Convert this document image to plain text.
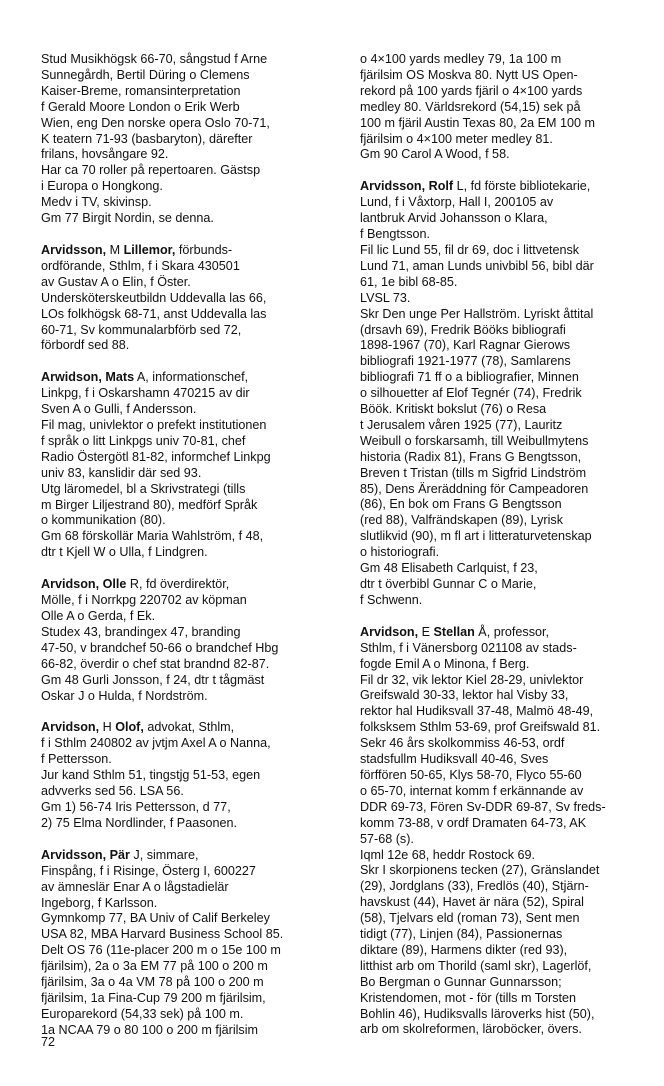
Stud Musikhögsk 66-70, sångstud f Arne
Sunnegårdh, Bertil Düring o Clemens
Kaiser-Breme, romansinterpretation
f Gerald Moore London o Erik Werb
Wien, eng Den norske opera Oslo 70-71,
K teatern 71-93 (basbaryton), därefter
frilans, hovsångare 92.
Har ca 70 roller på repertoaren. Gästsp
i Europa o Hongkong.
Medv i TV, skivinsp.
Gm 77 Birgit Nordin, se denna.
Arvidsson, M Lillemor, förbunds-
ordförande, Sthlm, f i Skara 430501
av Gustav A o Elin, f Öster.
Undersköterskeutbildn Uddevalla las 66,
LOs folkhögsk 68-71, anst Uddevalla las
60-71, Sv kommunalarbförb sed 72,
förbordf sed 88.
Arwidson, Mats A, informationschef,
Linkpg, f i Oskarshamn 470215 av dir
Sven A o Gulli, f Andersson.
Fil mag, univlektor o prefekt institutionen
f språk o litt Linkpgs univ 70-81, chef
Radio Östergötl 81-82, informchef Linkpg
univ 83, kanslidir där sed 93.
Utg läromedel, bl a Skrivstrategi (tills
m Birger Liljestrand 80), medförf Språk
o kommunikation (80).
Gm 68 förskollär Maria Wahlström, f 48,
dtr t Kjell W o Ulla, f Lindgren.
Arvidson, Olle R, fd överdirektör,
Mölle, f i Norrkpg 220702 av köpman
Olle A o Gerda, f Ek.
Studex 43, brandingex 47, branding
47-50, v brandchef 50-66 o brandchef Hbg
66-82, överdir o chef stat brandnd 82-87.
Gm 48 Gurli Jonsson, f 24, dtr t tågmäst
Oskar J o Hulda, f Nordström.
Arvidson, H Olof, advokat, Sthlm,
f i Sthlm 240802 av jvtjm Axel A o Nanna,
f Pettersson.
Jur kand Sthlm 51, tingstjg 51-53, egen
advverks sed 56. LSA 56.
Gm 1) 56-74 Iris Pettersson, d 77,
2) 75 Elma Nordlinder, f Paasonen.
Arvidsson, Pär J, simmare,
Finspång, f i Risinge, Österg I, 600227
av ämneslär Enar A o lågstadielär
Ingeborg, f Karlsson.
Gymnkomp 77, BA Univ of Calif Berkeley
USA 82, MBA Harvard Business School 85.
Delt OS 76 (11e-placer 200 m o 15e 100 m
fjärilsim), 2a o 3a EM 77 på 100 o 200 m
fjärilsim, 3a o 4a VM 78 på 100 o 200 m
fjärilsim, 1a Fina-Cup 79 200 m fjärilsim,
Europarekord (54,33 sek) på 100 m.
1a NCAA 79 o 80 100 o 200 m fjärilsim
o 4×100 yards medley 79, 1a 100 m
fjärilsim OS Moskva 80. Nytt US Open-
rekord på 100 yards fjäril o 4×100 yards
medley 80. Världsrekord (54,15) sek på
100 m fjäril Austin Texas 80, 2a EM 100 m
fjärilsim o 4×100 meter medley 81.
Gm 90 Carol A Wood, f 58.
Arvidsson, Rolf L, fd förste bibliotekarie,
Lund, f i Våxtorp, Hall I, 200105 av
lantbruk Arvid Johansson o Klara,
f Bengtsson.
Fil lic Lund 55, fil dr 69, doc i littvetensk
Lund 71, aman Lunds univbibl 56, bibl där
61, 1e bibl 68-85.
LVSL 73.
Skr Den unge Per Hallström. Lyriskt åttital
(drsavh 69), Fredrik Bööks bibliografi
1898-1967 (70), Karl Ragnar Gierows
bibliografi 1921-1977 (78), Samlarens
bibliografi 71 ff o a bibliografier, Minnen
o silhouetter af Elof Tegnér (74), Fredrik
Böök. Kritiskt bokslut (76) o Resa
t Jerusalem våren 1925 (77), Lauritz
Weibull o forskarsamh, till Weibullmytens
historia (Radix 81), Frans G Bengtsson,
Breven t Tristan (tills m Sigfrid Lindström
85), Dens Äreräddning för Campeadoren
(86), En bok om Frans G Bengtsson
(red 88), Valfrändskapen (89), Lyrisk
slutlikvid (90), m fl art i litteraturvetenskap
o historiografi.
Gm 48 Elisabeth Carlquist, f 23,
dtr t överbibl Gunnar C o Marie,
f Schwenn.
Arvidson, E Stellan Å, professor,
Sthlm, f i Vänersborg 021108 av stads-
fogde Emil A o Minona, f Berg.
Fil dr 32, vik lektor Kiel 28-29, univlektor
Greifswald 30-33, lektor hal Visby 33,
rektor hal Hudiksvall 37-48, Malmö 48-49,
folksksem Sthlm 53-69, prof Greifswald 81.
Sekr 46 års skolkommiss 46-53, ordf
stadsfullm Hudiksvall 40-46, Sves
förffören 50-65, Klys 58-70, Flyco 55-60
o 65-70, internat komm f erkännande av
DDR 69-73, Fören Sv-DDR 69-87, Sv freds-
komm 73-88, v ordf Dramaten 64-73, AK
57-68 (s).
Iqml 12e 68, heddr Rostock 69.
Skr I skorpionens tecken (27), Gränslandet
(29), Jordglans (33), Fredlös (40), Stjärn-
havskust (44), Havet är nära (52), Spiral
(58), Tjelvars eld (roman 73), Sent men
tidigt (77), Linjen (84), Passionernas
diktare (89), Harmens dikter (red 93),
litthist arb om Thorild (saml skr), Lagerlöf,
Bo Bergman o Gunnar Gunnarsson;
Kristendomen, mot - för (tills m Torsten
Bohlin 46), Hudiksvalls läroverks hist (50),
arb om skolreformen, läroböcker, övers.
72
